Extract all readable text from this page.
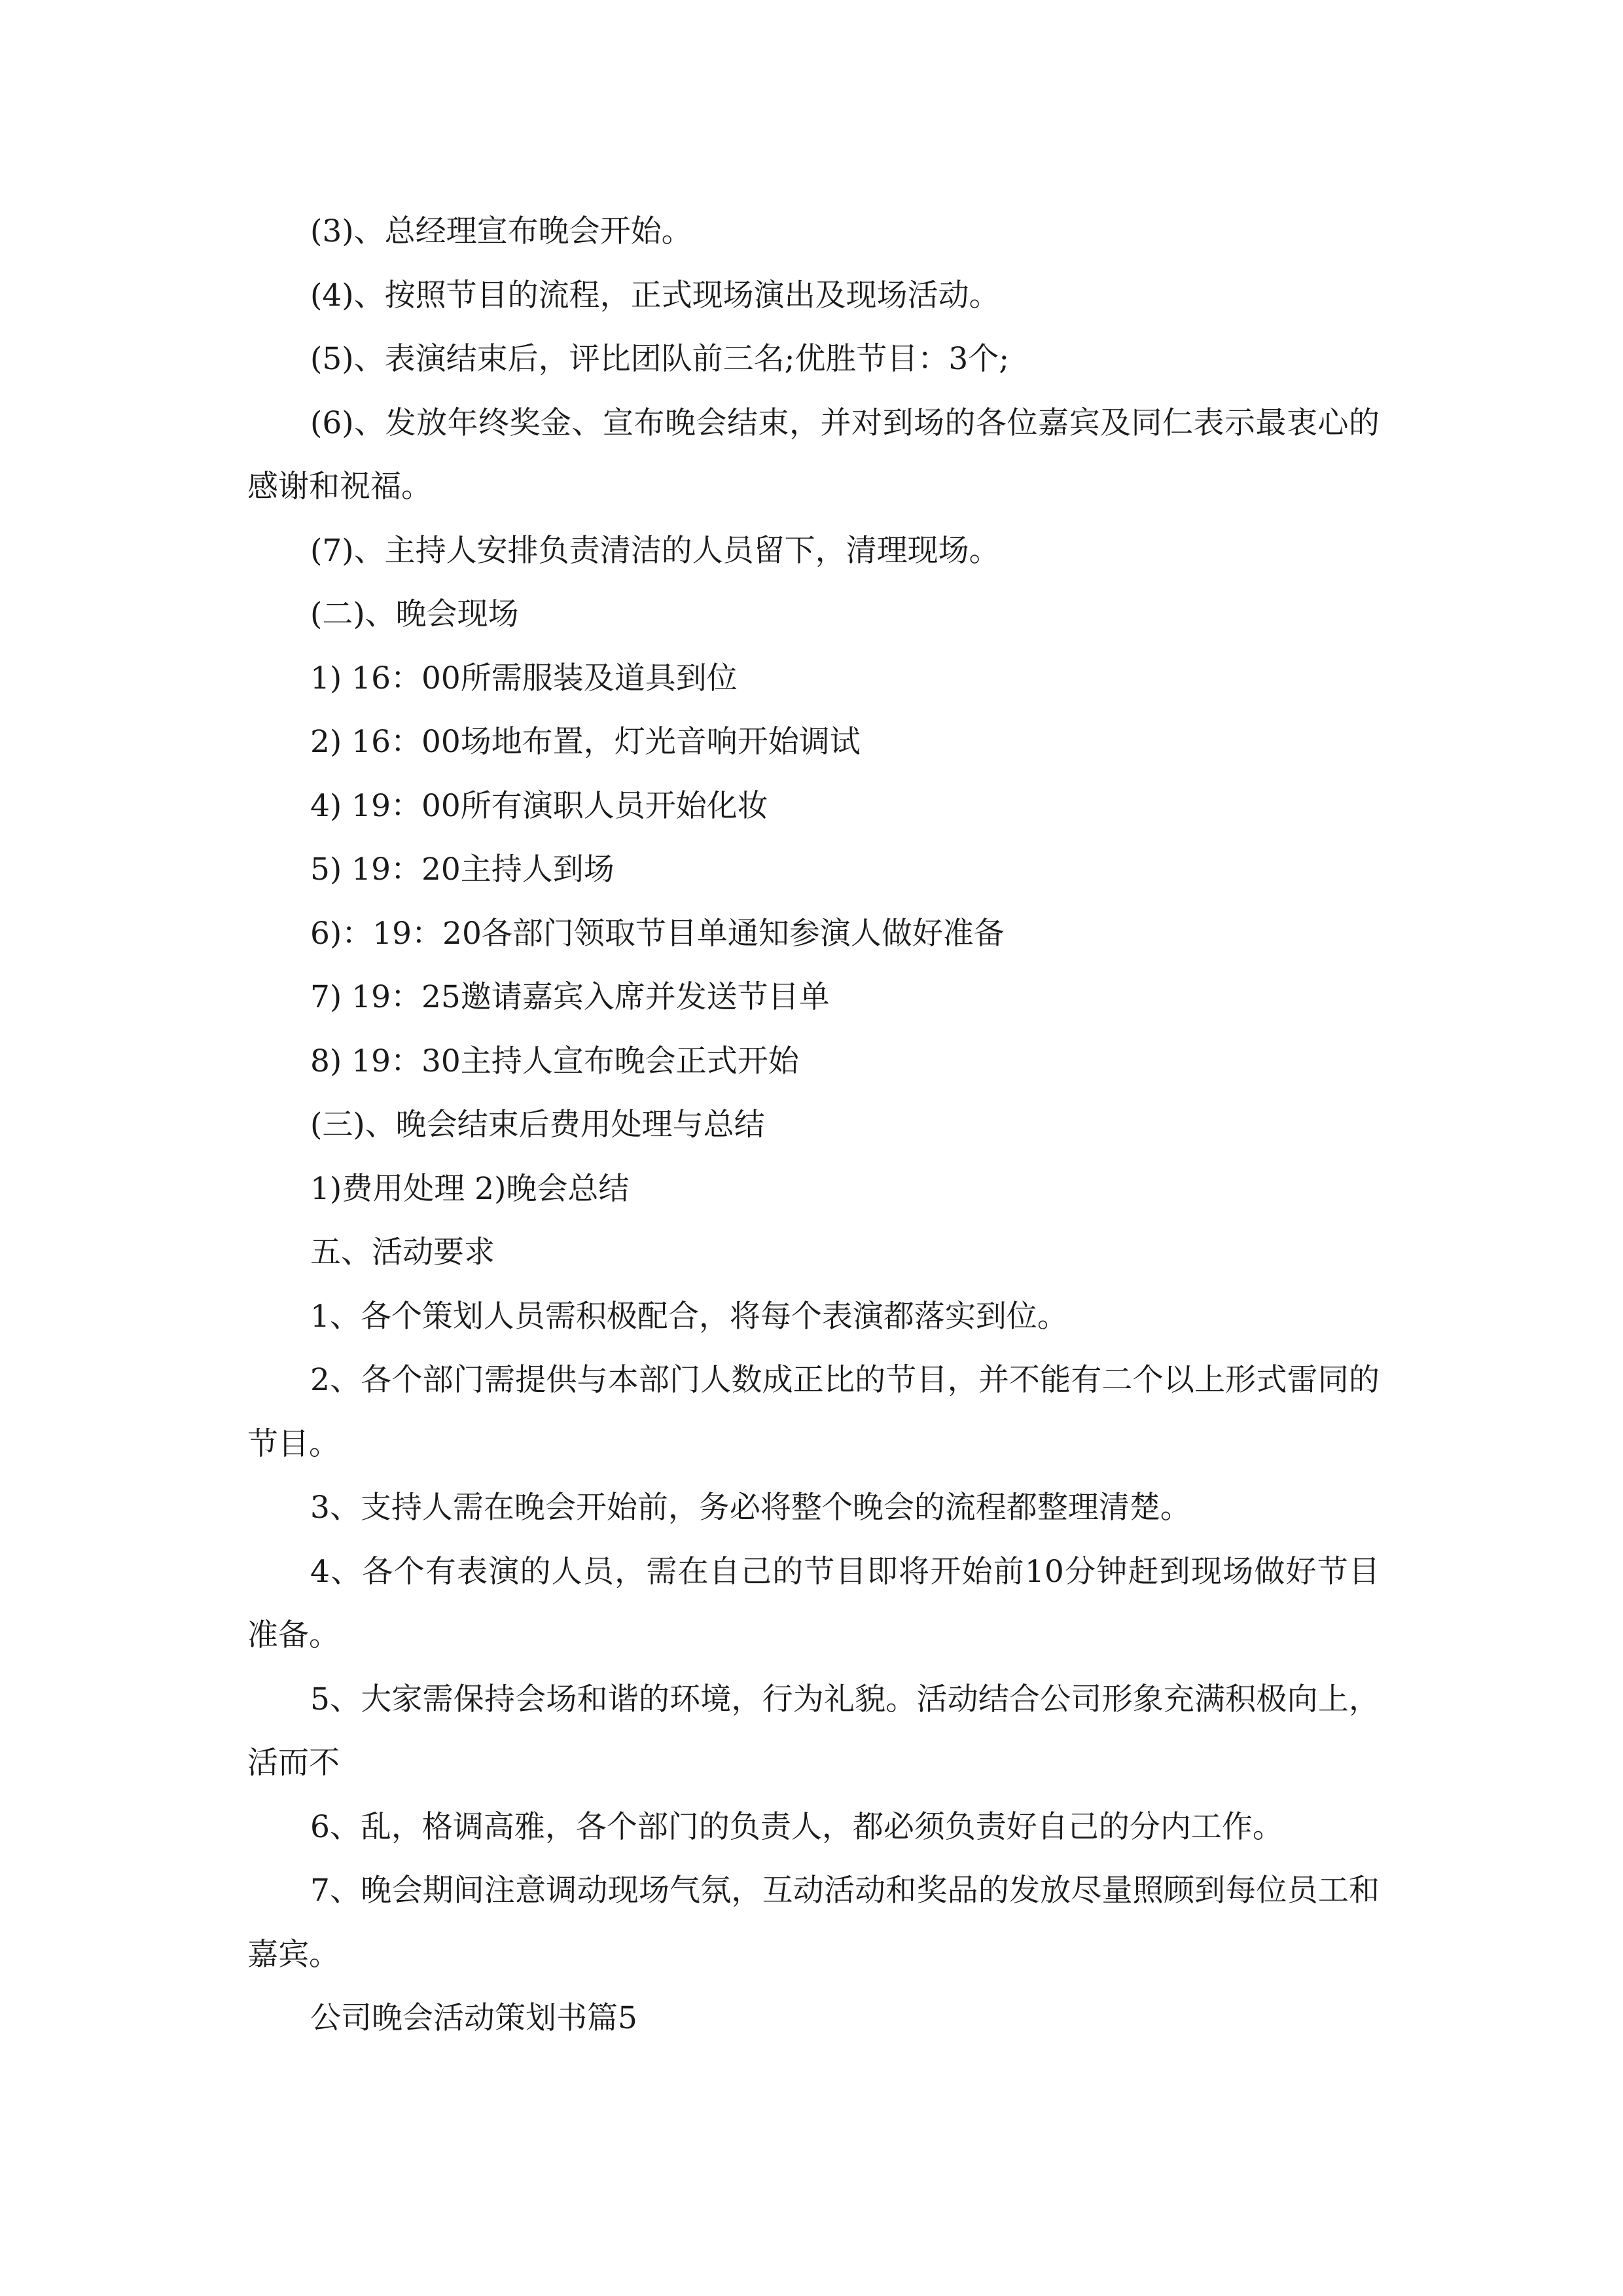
(3)、总经理宣布晚会开始。

(4)、按照节目的流程，正式现场演出及现场活动。

(5)、表演结束后，评比团队前三名;优胜节目：3个;

(6)、发放年终奖金、宣布晚会结束，并对到场的各位嘉宾及同仁表示最衷心的感谢和祝福。

(7)、主持人安排负责清洁的人员留下，清理现场。

(二)、晚会现场

1) 16：00所需服装及道具到位

2) 16：00场地布置，灯光音响开始调试

4) 19：00所有演职人员开始化妆

5) 19：20主持人到场

6)：19：20各部门领取节目单通知参演人做好准备

7) 19：25邀请嘉宾入席并发送节目单

8) 19：30主持人宣布晚会正式开始

(三)、晚会结束后费用处理与总结

1)费用处理 2)晚会总结

五、活动要求

1、各个策划人员需积极配合，将每个表演都落实到位。

2、各个部门需提供与本部门人数成正比的节目，并不能有二个以上形式雷同的节目。

3、支持人需在晚会开始前，务必将整个晚会的流程都整理清楚。

4、各个有表演的人员，需在自己的节目即将开始前10分钟赶到现场做好节目准备。

5、大家需保持会场和谐的环境，行为礼貌。活动结合公司形象充满积极向上，活而不

6、乱，格调高雅，各个部门的负责人，都必须负责好自己的分内工作。

7、晚会期间注意调动现场气氛，互动活动和奖品的发放尽量照顾到每位员工和嘉宾。

公司晚会活动策划书篇5
